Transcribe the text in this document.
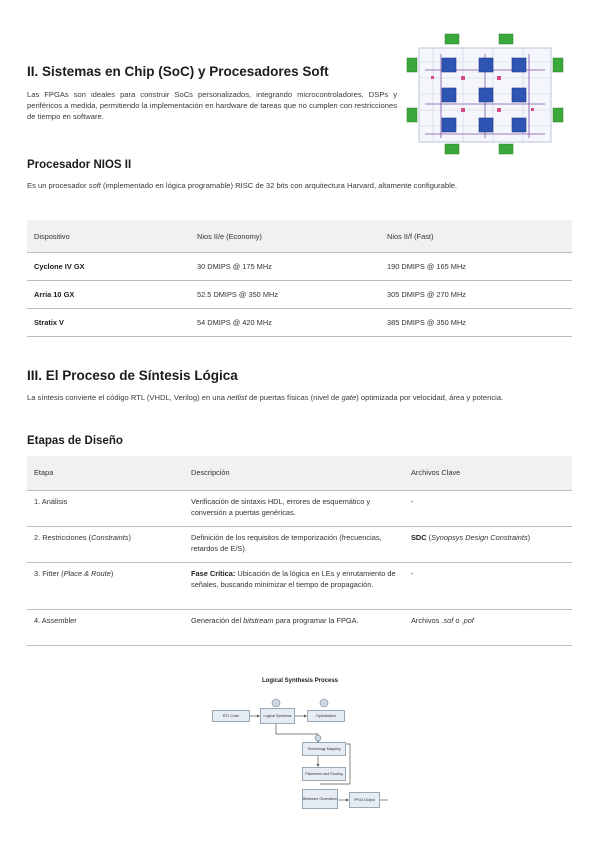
II. Sistemas en Chip (SoC) y Procesadores Soft

Las FPGAs son ideales para construir SoCs personalizados, integrando microcontroladores, DSPs y periféricos a medida, permitiendo la implementación en hardware de tareas que no cumplen con restricciones de tiempo en software.

Procesador NIOS II

Es un procesador soft (implementado en lógica programable) RISC de 32 bits con arquitectura Harvard, altamente configurable.

Dispositivo	Nios II/e (Economy)	Nios II/f (Fast)
Cyclone IV GX	30 DMIPS @ 175 MHz	190 DMIPS @ 165 MHz
Arria 10 GX	52.5 DMIPS @ 350 MHz	305 DMIPS @ 270 MHz
Stratix V	54 DMIPS @ 420 MHz	385 DMIPS @ 350 MHz
III. El Proceso de Síntesis Lógica

La síntesis convierte el código RTL (VHDL, Verilog) en una netlist de puertas físicas (nivel de gate) optimizada por velocidad, área y potencia.

Etapas de Diseño
Etapa	Descripción	Archivos Clave
1. Análisis	Verificación de sintaxis HDL, errores de esquemático y conversión a puertas genéricas.	-
2. Restricciones (Constraints)	Definición de los requisitos de temporización (frecuencias, retardos de E/S).	SDC (Synopsys Design Constraints)
3. Fitter (Place & Route)	Fase Crítica: Ubicación de la lógica en LEs y enrutamiento de señales, buscando minimizar el tiempo de propagación.	-
4. Assembler	Generación del bitstream para programar la FPGA.	Archivos .sof o .pof
Logical Synthesis Process
RTL Code	Logical Synthesis	Optimization
Technology Mapping
Placement and Routing
Bitstream Generation	FPGA Output
